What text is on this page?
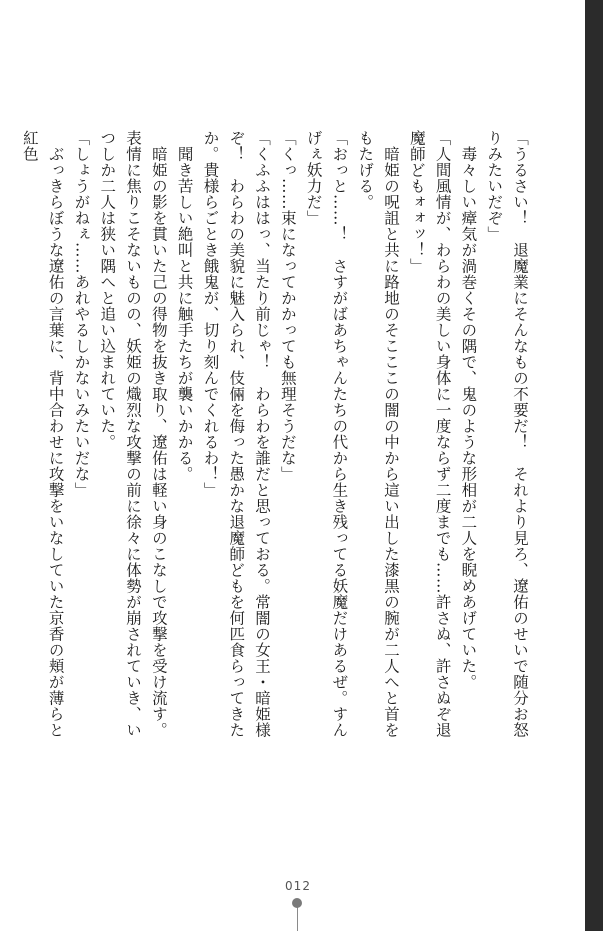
「うるさい！　退魔業にそんなもの不要だ！　それより見ろ、遼佑のせいで随分お怒りみたいだぞ」

　毒々しい瘴気が渦巻くその隅で、鬼のような形相が二人を睨めあげていた。

「人間風情が、わらわの美しい身体に一度ならず二度までも……許さぬ、許さぬぞ退魔師どもォォッ！」

　暗姫の呪詛と共に路地のそこここの闇の中から這い出した漆黒の腕が二人へと首をもたげる。

「おっと……！　さすがばあちゃんたちの代から生き残ってる妖魔だけあるぜ。すんげぇ妖力だ」

「くっ……束になってかかっても無理そうだな」

「くふふははっ、当たり前じゃ！　わらわを誰だと思っておる。常闇の女王・暗姫様ぞ！　わらわの美貌に魅入られ、伎倆を侮った愚かな退魔師どもを何匹食らってきたか。貴様らごとき餓鬼が、切り刻んでくれるわ！」

　聞き苦しい絶叫と共に触手たちが襲いかかる。

　暗姫の影を貫いた己の得物を抜き取り、遼佑は軽い身のこなしで攻撃を受け流す。表情に焦りこそないものの、妖姫の熾烈な攻撃の前に徐々に体勢が崩されていき、いつしか二人は狭い隅へと追い込まれていた。

「しょうがねぇ……あれやるしかないみたいだな」

　ぶっきらぼうな遼佑の言葉に、背中合わせに攻撃をいなしていた京香の頬が薄らと紅色

012
